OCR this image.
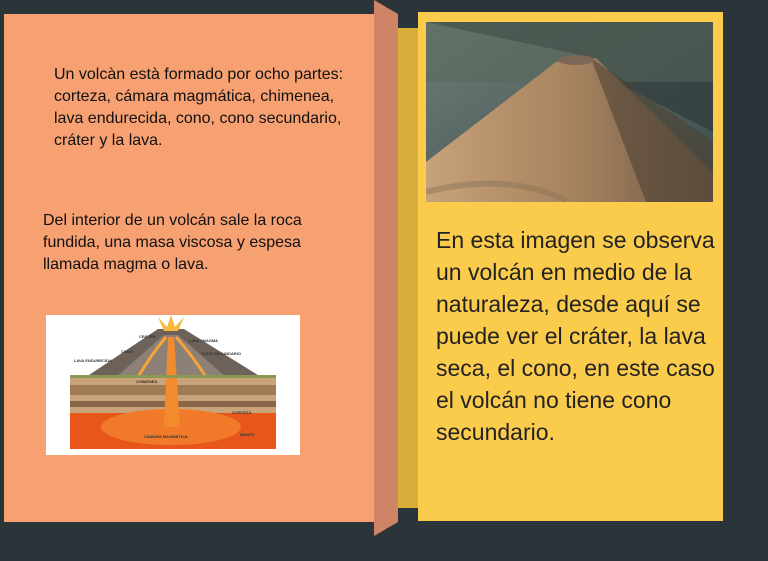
Un volcàn està formado por ocho partes: corteza, cámara magmática, chimenea, lava endurecida, cono, cono secundario, cráter y la lava.
Del interior de un volcán sale la roca fundida, una masa viscosa y espesa llamada magma o lava.
CRÁTER
LAVA / MAGMA
CONO	CONO SECUNDARIO
LAVA ENDURECIDA
CHIMENEA
CORTEZA
CÁMARA MAGMÁTICA	MANTO
En esta imagen se observa un volcán en medio de la naturaleza, desde aquí se puede ver el cráter, la lava seca, el cono, en este caso el volcán no tiene cono secundario.
